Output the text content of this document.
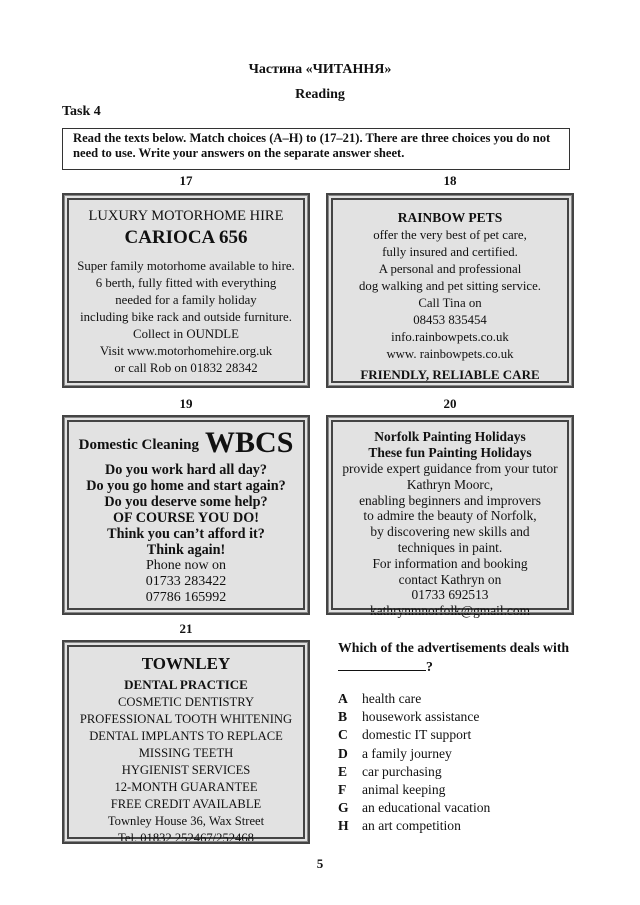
Частина «ЧИТАННЯ»
Reading
Task 4
Read the texts below. Match choices (A–H) to (17–21). There are three choices you do not need to use. Write your answers on the separate answer sheet.
17
LUXURY MOTORHOME HIRE
CARIOCA 656
Super family motorhome available to hire.
6 berth, fully fitted with everything
needed for a family holiday
including bike rack and outside furniture.
Collect in OUNDLE
Visit www.motorhomehire.org.uk
or call Rob on 01832 28342
18
RAINBOW PETS
offer the very best of pet care,
fully insured and certified.
A personal and professional
dog walking and pet sitting service.
Call Tina on
08453 835454
info.rainbowpets.co.uk
www. rainbowpets.co.uk
FRIENDLY, RELIABLE CARE
19
Domestic Cleaning WBCS
Do you work hard all day?
Do you go home and start again?
Do you deserve some help?
OF COURSE YOU DO!
Think you can’t afford it?
Think again!
Phone now on
01733 283422
07786 165992
20
Norfolk Painting Holidays
These fun Painting Holidays
provide expert guidance from your tutor
Kathryn Moorc,
enabling beginners and improvers
to admire the beauty of Norfolk,
by discovering new skills and
techniques in paint.
For information and booking
contact Kathryn on
01733 692513
kathrynmnorfolk@gmail.com
21
TOWNLEY
DENTAL PRACTICE
COSMETIC DENTISTRY
PROFESSIONAL TOOTH WHITENING
DENTAL IMPLANTS TO REPLACE
MISSING TEETH
HYGIENIST SERVICES
12-MONTH GUARANTEE
FREE CREDIT AVAILABLE
Townley House 36, Wax Street
Tel. 01832 252467/252468
Which of the advertisements deals with
?
A health care
B housework assistance
C domestic IT support
D a family journey
E car purchasing
F animal keeping
G an educational vacation
H an art competition
5
